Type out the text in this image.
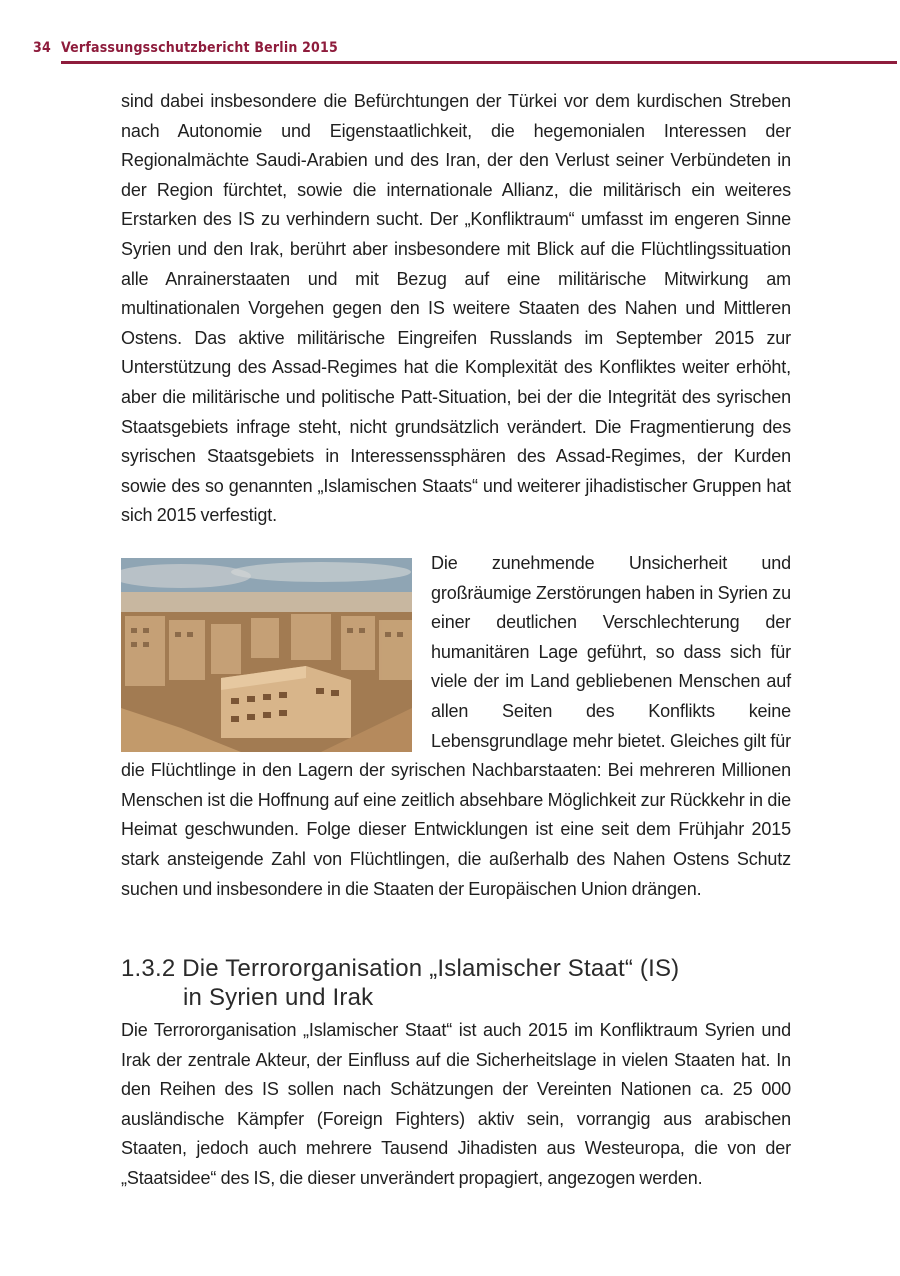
34 Verfassungsschutzbericht Berlin 2015

sind dabei insbesondere die Befürchtungen der Türkei vor dem kurdischen Streben nach Autonomie und Eigenstaatlichkeit, die hegemonialen Interessen der Regionalmächte Saudi-Arabien und des Iran, der den Verlust seiner Verbündeten in der Region fürchtet, sowie die internationale Allianz, die militärisch ein weiteres Erstarken des IS zu verhindern sucht. Der „Konfliktraum“ umfasst im engeren Sinne Syrien und den Irak, berührt aber insbesondere mit Blick auf die Flüchtlingssituation alle Anrainerstaaten und mit Bezug auf eine militärische Mitwirkung am multinationalen Vorgehen gegen den IS weitere Staaten des Nahen und Mittleren Ostens. Das aktive militärische Eingreifen Russlands im September 2015 zur Unterstützung des Assad-Regimes hat die Komplexität des Konfliktes weiter erhöht, aber die militärische und politische Patt-Situation, bei der die Integrität des syrischen Staatsgebiets infrage steht, nicht grundsätzlich verändert. Die Fragmentierung des syrischen Staatsgebiets in Interessenssphären des Assad-Regimes, der Kurden sowie des so genannten „Islamischen Staats“ und weiterer jihadistischer Gruppen hat sich 2015 verfestigt.

Die zunehmende Unsicherheit und großräumige Zerstörungen haben in Syrien zu einer deutlichen Verschlechterung der humanitären Lage geführt, so dass sich für viele der im Land gebliebenen Menschen auf allen Seiten des Konflikts keine Lebensgrundlage mehr bietet. Gleiches gilt für die Flüchtlinge in den Lagern der syrischen Nachbarstaaten: Bei mehreren Millionen Menschen ist die Hoffnung auf eine zeitlich absehbare Möglichkeit zur Rückkehr in die Heimat geschwunden. Folge dieser Entwicklungen ist eine seit dem Frühjahr 2015 stark ansteigende Zahl von Flüchtlingen, die außerhalb des Nahen Ostens Schutz suchen und insbesondere in die Staaten der Europäischen Union drängen.
1.3.2 Die Terrororganisation „Islamischer Staat“ (IS)
in Syrien und Irak

Die Terrororganisation „Islamischer Staat“ ist auch 2015 im Konfliktraum Syrien und Irak der zentrale Akteur, der Einfluss auf die Sicherheitslage in vielen Staaten hat. In den Reihen des IS sollen nach Schätzungen der Vereinten Nationen ca. 25 000 ausländische Kämpfer (Foreign Fighters) aktiv sein, vorrangig aus arabischen Staaten, jedoch auch mehrere Tausend Jihadisten aus Westeuropa, die von der „Staatsidee“ des IS, die dieser unverändert propagiert, angezogen werden.
